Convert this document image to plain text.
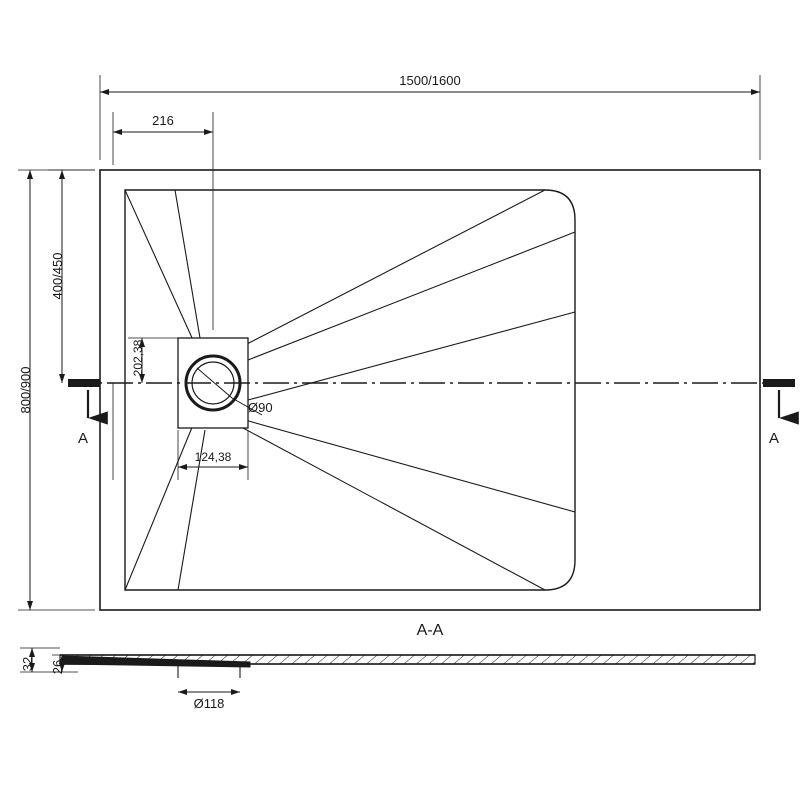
Ø90
A	A
1500/1600
216
400/450
800/900
202,38
124,38
A-A
Ø118
32 26
